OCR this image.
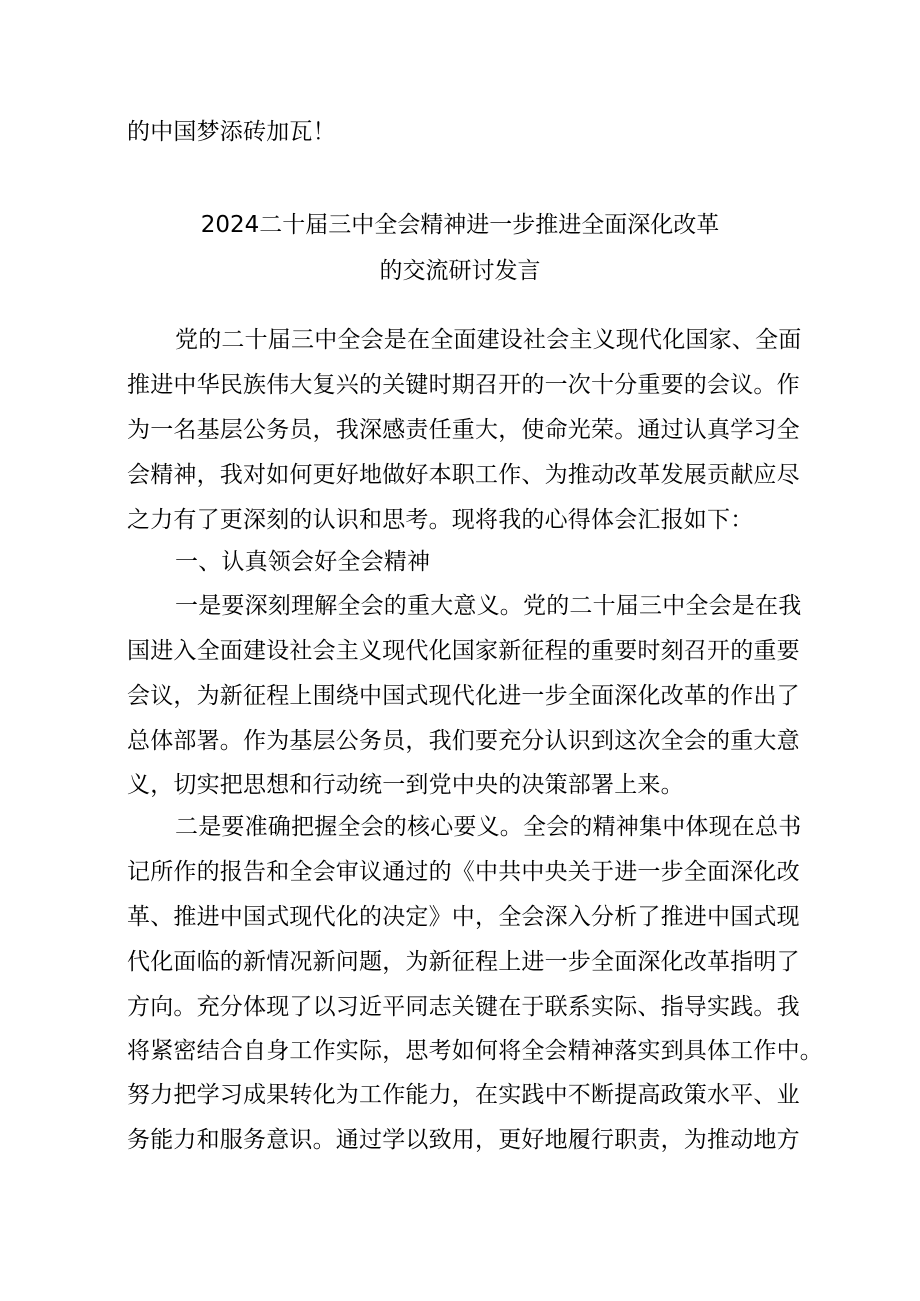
的中国梦添砖加瓦！
2024二十届三中全会精神进一步推进全面深化改革
的交流研讨发言
党的二十届三中全会是在全面建设社会主义现代化国家、全面
推进中华民族伟大复兴的关键时期召开的一次十分重要的会议。作
为一名基层公务员，我深感责任重大，使命光荣。通过认真学习全
会精神，我对如何更好地做好本职工作、为推动改革发展贡献应尽
之力有了更深刻的认识和思考。现将我的心得体会汇报如下：
一、认真领会好全会精神
一是要深刻理解全会的重大意义。党的二十届三中全会是在我
国进入全面建设社会主义现代化国家新征程的重要时刻召开的重要
会议，为新征程上围绕中国式现代化进一步全面深化改革的作出了
总体部署。作为基层公务员，我们要充分认识到这次全会的重大意
义，切实把思想和行动统一到党中央的决策部署上来。
二是要准确把握全会的核心要义。全会的精神集中体现在总书
记所作的报告和全会审议通过的《中共中央关于进一步全面深化改
革、推进中国式现代化的决定》中，全会深入分析了推进中国式现
代化面临的新情况新问题，为新征程上进一步全面深化改革指明了
方向。充分体现了以习近平同志关键在于联系实际、指导实践。我
将紧密结合自身工作实际，思考如何将全会精神落实到具体工作中。
努力把学习成果转化为工作能力，在实践中不断提高政策水平、业
务能力和服务意识。通过学以致用，更好地履行职责，为推动地方
